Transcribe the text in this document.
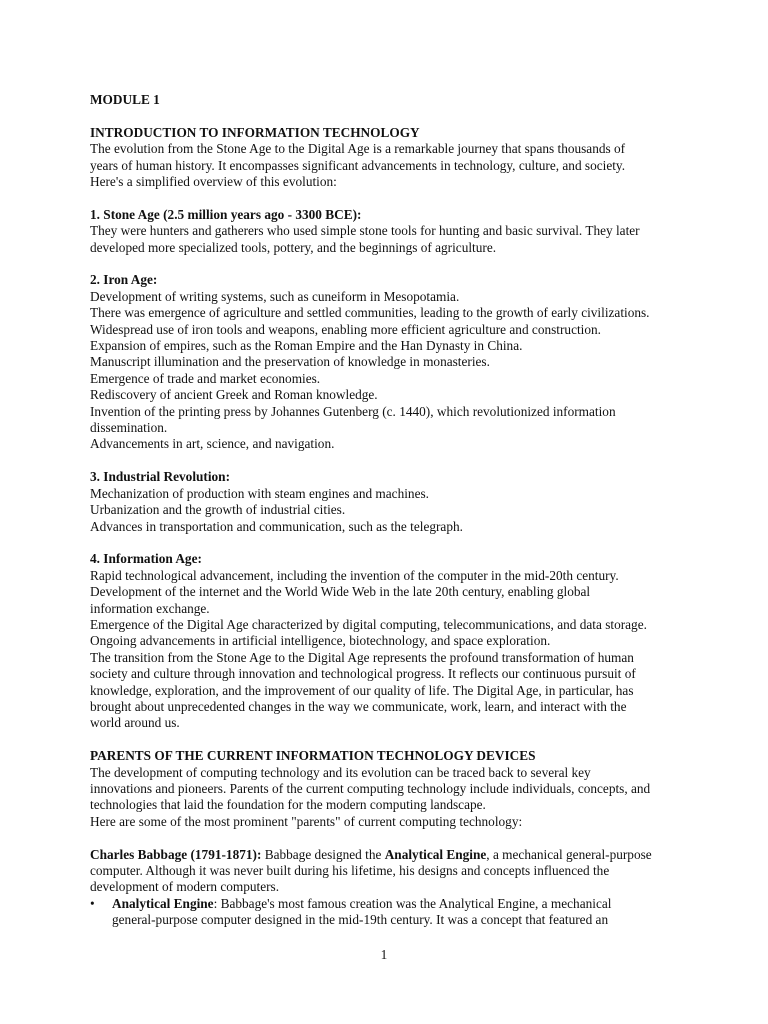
MODULE 1
INTRODUCTION TO INFORMATION TECHNOLOGY
The evolution from the Stone Age to the Digital Age is a remarkable journey that spans thousands of
years of human history. It encompasses significant advancements in technology, culture, and society.
Here's a simplified overview of this evolution:
1. Stone Age (2.5 million years ago - 3300 BCE):
They were hunters and gatherers who used simple stone tools for hunting and basic survival. They later
developed more specialized tools, pottery, and the beginnings of agriculture.
2. Iron Age:
Development of writing systems, such as cuneiform in Mesopotamia.
There was emergence of agriculture and settled communities, leading to the growth of early civilizations.
Widespread use of iron tools and weapons, enabling more efficient agriculture and construction.
Expansion of empires, such as the Roman Empire and the Han Dynasty in China.
Manuscript illumination and the preservation of knowledge in monasteries.
Emergence of trade and market economies.
Rediscovery of ancient Greek and Roman knowledge.
Invention of the printing press by Johannes Gutenberg (c. 1440), which revolutionized information
dissemination.
Advancements in art, science, and navigation.
3. Industrial Revolution:
Mechanization of production with steam engines and machines.
Urbanization and the growth of industrial cities.
Advances in transportation and communication, such as the telegraph.
4. Information Age:
Rapid technological advancement, including the invention of the computer in the mid-20th century.
Development of the internet and the World Wide Web in the late 20th century, enabling global
information exchange.
Emergence of the Digital Age characterized by digital computing, telecommunications, and data storage.
Ongoing advancements in artificial intelligence, biotechnology, and space exploration.
The transition from the Stone Age to the Digital Age represents the profound transformation of human
society and culture through innovation and technological progress. It reflects our continuous pursuit of
knowledge, exploration, and the improvement of our quality of life. The Digital Age, in particular, has
brought about unprecedented changes in the way we communicate, work, learn, and interact with the
world around us.
PARENTS OF THE CURRENT INFORMATION TECHNOLOGY DEVICES
The development of computing technology and its evolution can be traced back to several key
innovations and pioneers. Parents of the current computing technology include individuals, concepts, and
technologies that laid the foundation for the modern computing landscape.
Here are some of the most prominent "parents" of current computing technology:
Charles Babbage (1791-1871): Babbage designed the Analytical Engine, a mechanical general-purpose
computer. Although it was never built during his lifetime, his designs and concepts influenced the
development of modern computers.
• Analytical Engine: Babbage's most famous creation was the Analytical Engine, a mechanical
general-purpose computer designed in the mid-19th century. It was a concept that featured an
1
